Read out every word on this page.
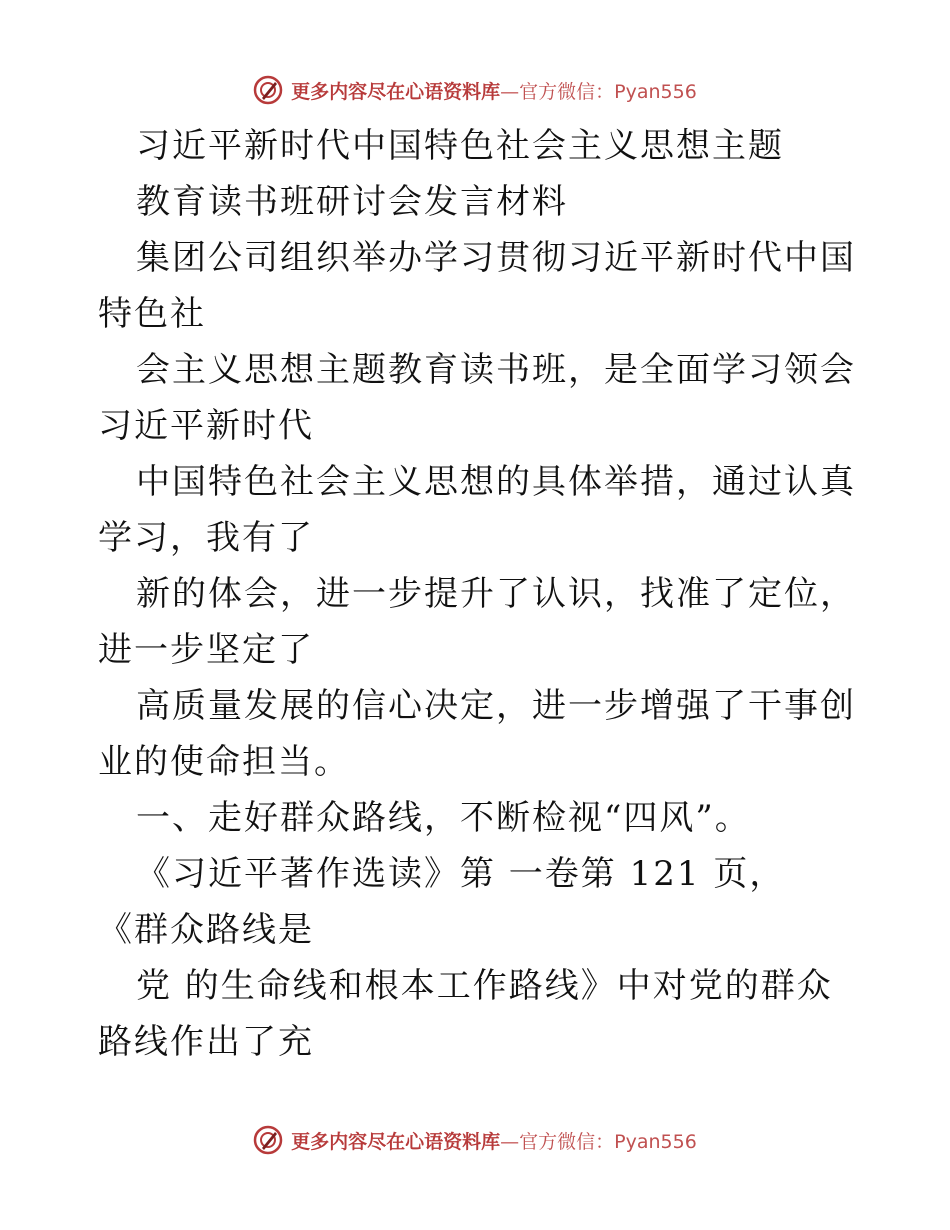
更多内容尽在心语资料库—官方微信：Pyan556

习近平新时代中国特色社会主义思想主题

教育读书班研讨会发言材料

集团公司组织举办学习贯彻习近平新时代中国特色社

会主义思想主题教育读书班，是全面学习领会习近平新时代

中国特色社会主义思想的具体举措，通过认真学习，我有了

新的体会，进一步提升了认识，找准了定位，进一步坚定了

高质量发展的信心决定，进一步增强了干事创业的使命担当。

一、走好群众路线，不断检视“四风”。

《习近平著作选读》第 一卷第 121 页， 《群众路线是

党 的生命线和根本工作路线》中对党的群众路线作出了充

更多内容尽在心语资料库—官方微信：Pyan556
